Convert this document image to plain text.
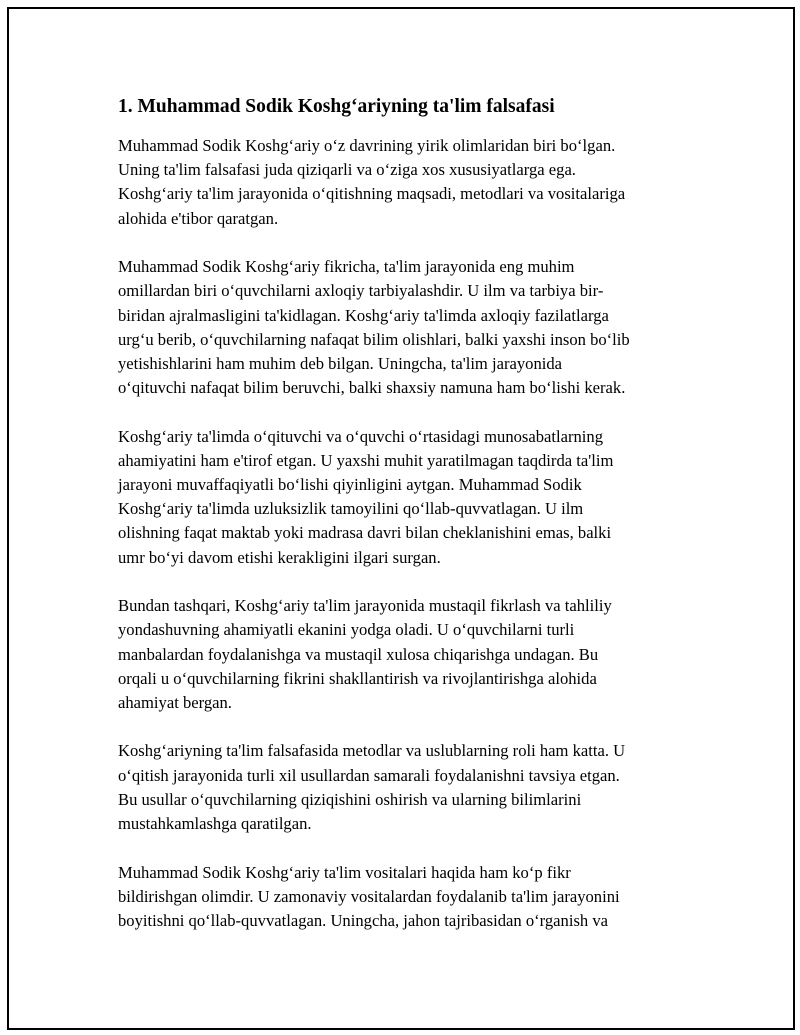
1. Muhammad Sodik Koshg‘ariyning ta'lim falsafasi
Muhammad Sodik Koshg‘ariy o‘z davrining yirik olimlaridan biri bo‘lgan.
Uning ta'lim falsafasi juda qiziqarli va o‘ziga xos xususiyatlarga ega.
Koshg‘ariy ta'lim jarayonida o‘qitishning maqsadi, metodlari va vositalariga
alohida e'tibor qaratgan.
Muhammad Sodik Koshg‘ariy fikricha, ta'lim jarayonida eng muhim
omillardan biri o‘quvchilarni axloqiy tarbiyalashdir. U ilm va tarbiya bir-
biridan ajralmasligini ta'kidlagan. Koshg‘ariy ta'limda axloqiy fazilatlarga
urg‘u berib, o‘quvchilarning nafaqat bilim olishlari, balki yaxshi inson bo‘lib
yetishishlarini ham muhim deb bilgan. Uningcha, ta'lim jarayonida
o‘qituvchi nafaqat bilim beruvchi, balki shaxsiy namuna ham bo‘lishi kerak.
Koshg‘ariy ta'limda o‘qituvchi va o‘quvchi o‘rtasidagi munosabatlarning
ahamiyatini ham e'tirof etgan. U yaxshi muhit yaratilmagan taqdirda ta'lim
jarayoni muvaffaqiyatli bo‘lishi qiyinligini aytgan. Muhammad Sodik
Koshg‘ariy ta'limda uzluksizlik tamoyilini qo‘llab-quvvatlagan. U ilm
olishning faqat maktab yoki madrasa davri bilan cheklanishini emas, balki
umr bo‘yi davom etishi kerakligini ilgari surgan.
Bundan tashqari, Koshg‘ariy ta'lim jarayonida mustaqil fikrlash va tahliliy
yondashuvning ahamiyatli ekanini yodga oladi. U o‘quvchilarni turli
manbalardan foydalanishga va mustaqil xulosa chiqarishga undagan. Bu
orqali u o‘quvchilarning fikrini shakllantirish va rivojlantirishga alohida
ahamiyat bergan.
Koshg‘ariyning ta'lim falsafasida metodlar va uslublarning roli ham katta. U
o‘qitish jarayonida turli xil usullardan samarali foydalanishni tavsiya etgan.
Bu usullar o‘quvchilarning qiziqishini oshirish va ularning bilimlarini
mustahkamlashga qaratilgan.
Muhammad Sodik Koshg‘ariy ta'lim vositalari haqida ham ko‘p fikr
bildirishgan olimdir. U zamonaviy vositalardan foydalanib ta'lim jarayonini
boyitishni qo‘llab-quvvatlagan. Uningcha, jahon tajribasidan o‘rganish va
